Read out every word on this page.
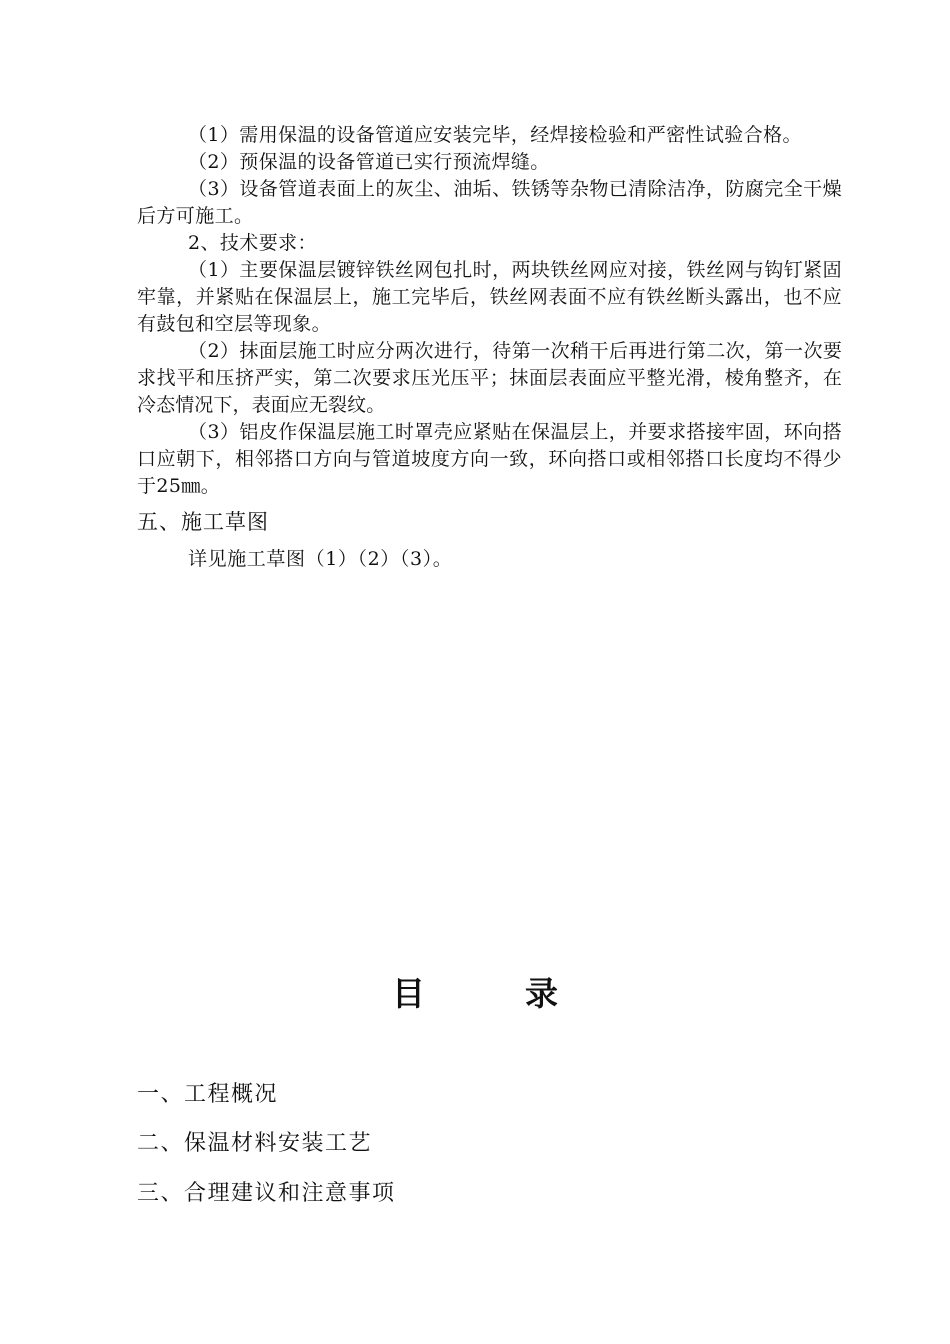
（1）需用保温的设备管道应安装完毕，经焊接检验和严密性试验合格。

（2）预保温的设备管道已实行预流焊缝。

（3）设备管道表面上的灰尘、油垢、铁锈等杂物已清除洁净，防腐完全干燥后方可施工。

2、技术要求：

（1）主要保温层镀锌铁丝网包扎时，两块铁丝网应对接，铁丝网与钩钉紧固牢靠，并紧贴在保温层上，施工完毕后，铁丝网表面不应有铁丝断头露出，也不应有鼓包和空层等现象。

（2）抹面层施工时应分两次进行，待第一次稍干后再进行第二次，第一次要求找平和压挤严实，第二次要求压光压平；抹面层表面应平整光滑，棱角整齐，在冷态情况下，表面应无裂纹。

（3）铝皮作保温层施工时罩壳应紧贴在保温层上，并要求搭接牢固，环向搭口应朝下，相邻搭口方向与管道坡度方向一致，环向搭口或相邻搭口长度均不得少于25㎜。

五、施工草图

详见施工草图（1）（2）（3）。

目录

一、工程概况

二、保温材料安装工艺

三、合理建议和注意事项
